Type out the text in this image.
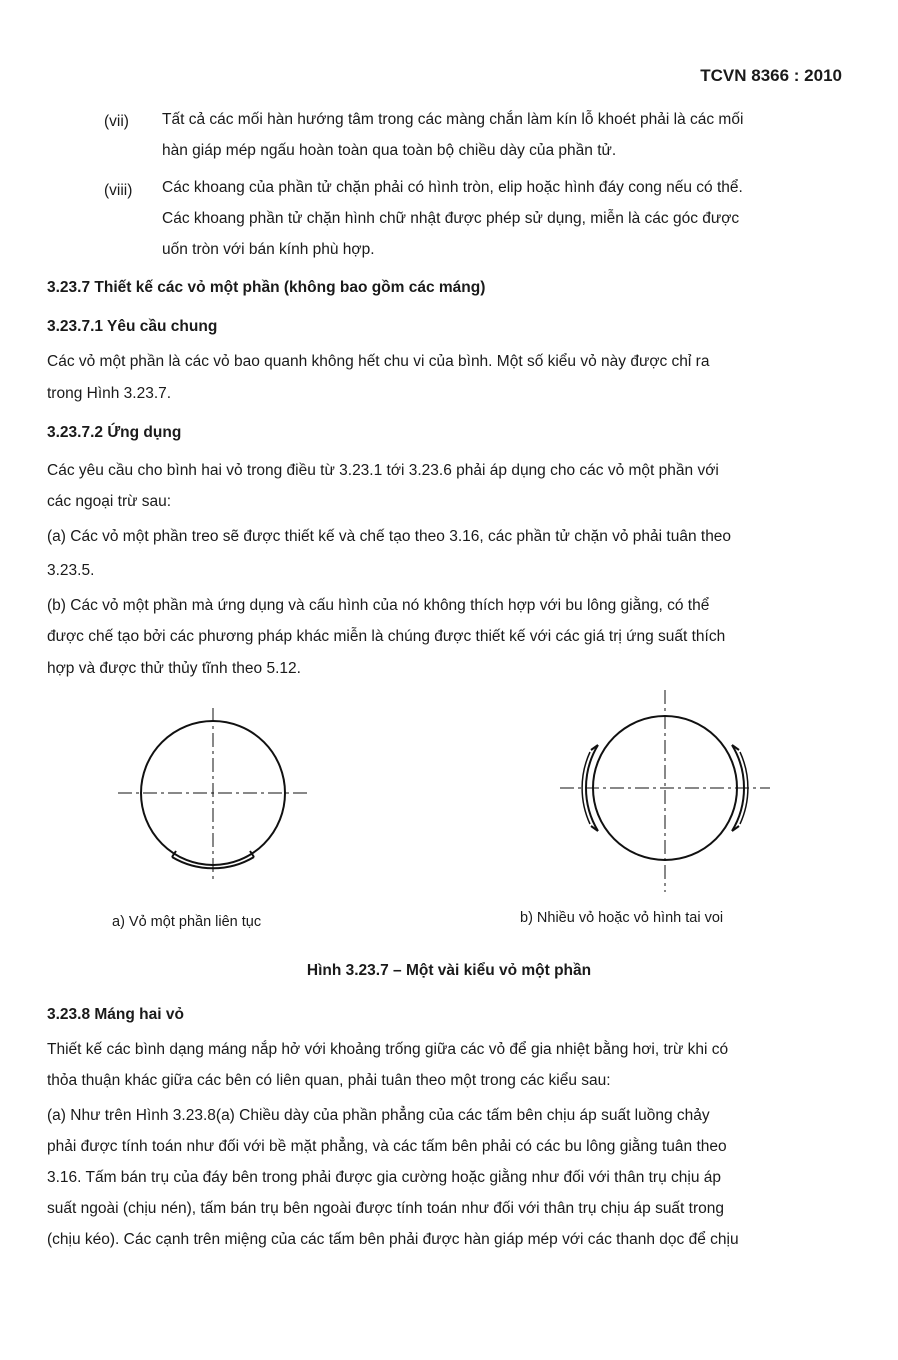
TCVN 8366 : 2010
(vii) Tất cả các mối hàn hướng tâm trong các màng chắn làm kín lỗ khoét phải là các mối
hàn giáp mép ngấu hoàn toàn qua toàn bộ chiều dày của phần tử.
(viii) Các khoang của phần tử chặn phải có hình tròn, elip hoặc hình đáy cong nếu có thể.
Các khoang phần tử chặn hình chữ nhật được phép sử dụng, miễn là các góc được
uốn tròn với bán kính phù hợp.
3.23.7 Thiết kế các vỏ một phần (không bao gồm các máng)
3.23.7.1 Yêu cầu chung
Các vỏ một phần là các vỏ bao quanh không hết chu vi của bình. Một số kiểu vỏ này được chỉ ra
trong Hình 3.23.7.
3.23.7.2 Ứng dụng
Các yêu cầu cho bình hai vỏ trong điều từ 3.23.1 tới 3.23.6 phải áp dụng cho các vỏ một phần với
các ngoại trừ sau:
(a) Các vỏ một phần treo sẽ được thiết kế và chế tạo theo 3.16, các phần tử chặn vỏ phải tuân theo
3.23.5.
(b) Các vỏ một phần mà ứng dụng và cấu hình của nó không thích hợp với bu lông giằng, có thể
được chế tạo bởi các phương pháp khác miễn là chúng được thiết kế với các giá trị ứng suất thích
hợp và được thử thủy tĩnh theo 5.12.
a) Vỏ một phần liên tục	b) Nhiều vỏ hoặc vỏ hình tai voi
Hình 3.23.7 – Một vài kiểu vỏ một phần
3.23.8 Máng hai vỏ
Thiết kế các bình dạng máng nắp hở với khoảng trống giữa các vỏ để gia nhiệt bằng hơi, trừ khi có
thỏa thuận khác giữa các bên có liên quan, phải tuân theo một trong các kiểu sau:
(a) Như trên Hình 3.23.8(a) Chiều dày của phần phẳng của các tấm bên chịu áp suất luồng chảy
phải được tính toán như đối với bề mặt phẳng, và các tấm bên phải có các bu lông giằng tuân theo
3.16. Tấm bán trụ của đáy bên trong phải được gia cường hoặc giằng như đối với thân trụ chịu áp
suất ngoài (chịu nén), tấm bán trụ bên ngoài được tính toán như đối với thân trụ chịu áp suất trong
(chịu kéo). Các cạnh trên miệng của các tấm bên phải được hàn giáp mép với các thanh dọc để chịu
